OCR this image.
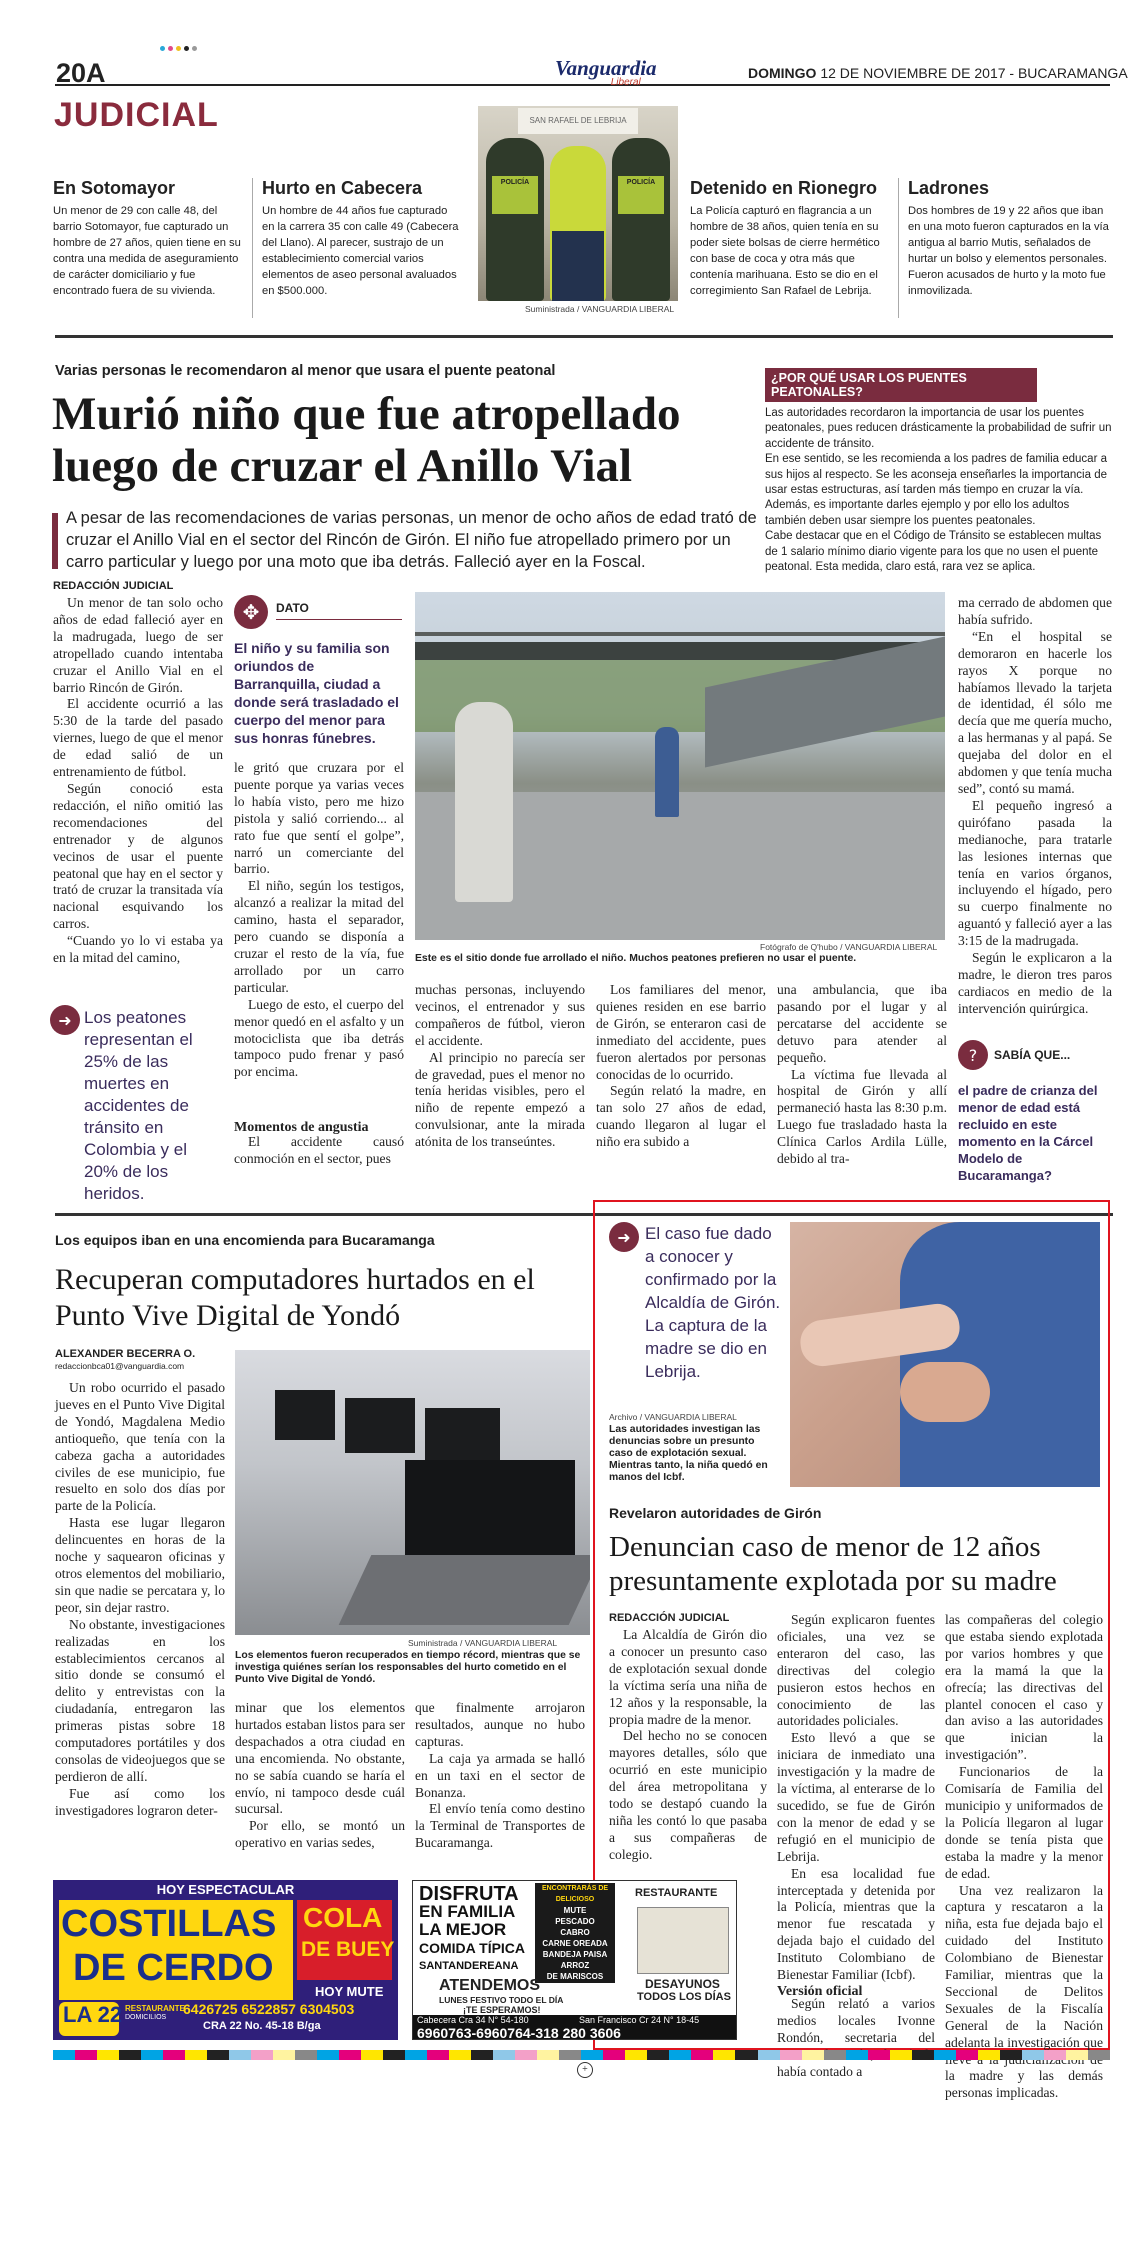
20A	Vanguardia
Liberal
DOMINGO 12 DE NOVIEMBRE DE 2017 - BUCARAMANGA
JUDICIAL
En Sotomayor
Un menor de 29 con calle 48, del barrio Sotomayor, fue capturado un hombre de 27 años, quien tiene en su contra una medida de aseguramiento de carácter domiciliario y fue encontrado fuera de su vivienda.
Hurto en Cabecera
Un hombre de 44 años fue capturado en la carrera 35 con calle 49 (Cabecera del Llano). Al parecer, sustrajo de un establecimiento comercial varios elementos de aseo personal avaluados en $500.000.
SAN RAFAEL DE LEBRIJA
POLICÍA	POLICÍA
Suministrada / VANGUARDIA LIBERAL
Detenido en Rionegro
La Policía capturó en flagrancia a un hombre de 38 años, quien tenía en su poder siete bolsas de cierre hermético con base de coca y otra más que contenía marihuana. Esto se dio en el corregimiento San Rafael de Lebrija.
Ladrones
Dos hombres de 19 y 22 años que iban en una moto fueron capturados en la vía antigua al barrio Mutis, señalados de hurtar un bolso y elementos personales. Fueron acusados de hurto y la moto fue inmovilizada.
Varias personas le recomendaron al menor que usara el puente peatonal
Murió niño que fue atropellado luego de cruzar el Anillo Vial
A pesar de las recomendaciones de varias personas, un menor de ocho años de edad trató de cruzar el Anillo Vial en el sector del Rincón de Girón. El niño fue atropellado primero por un carro particular y luego por una moto que iba detrás. Falleció ayer en la Foscal.
¿POR QUÉ USAR LOS PUENTES PEATONALES?

Las autoridades recordaron la importancia de usar los puentes peatonales, pues reducen drásticamente la probabilidad de sufrir un accidente de tránsito.

En ese sentido, se les recomienda a los padres de familia educar a sus hijos al respecto. Se les aconseja enseñarles la importancia de usar estas estructuras, así tarden más tiempo en cruzar la vía. Además, es importante darles ejemplo y por ello los adultos también deben usar siempre los puentes peatonales.

Cabe destacar que en el Código de Tránsito se establecen multas de 1 salario mínimo diario vigente para los que no usen el puente peatonal. Esta medida, claro está, rara vez se aplica.

REDACCIÓN JUDICIAL

Un menor de tan solo ocho años de edad falleció ayer en la madrugada, luego de ser atropellado cuando intentaba cruzar el Anillo Vial en el barrio Rincón de Girón.

El accidente ocurrió a las 5:30 de la tarde del pasado viernes, luego de que el menor de edad salió de un entrenamiento de fútbol.

Según conoció esta redacción, el niño omitió las recomendaciones del entrenador y de algunos vecinos de usar el puente peatonal que hay en el sector y trató de cruzar la transitada vía nacional esquivando los carros.

“Cuando yo lo vi estaba ya en la mitad del camino,

➜ Los peatones representan el 25% de las muertes en accidentes de tránsito en Colombia y el 20% de los heridos.
✥	DATO
El niño y su familia son oriundos de Barranquilla, ciudad a donde será trasladado el cuerpo del menor para sus honras fúnebres.

le gritó que cruzara por el puente porque ya varias veces lo había visto, pero me hizo pistola y salió corriendo... al rato fue que sentí el golpe”, narró un comerciante del barrio.

El niño, según los testigos, alcanzó a realizar la mitad del camino, hasta el separador, pero cuando se disponía a cruzar el resto de la vía, fue arrollado por un carro particular.

Luego de esto, el cuerpo del menor quedó en el asfalto y un motociclista que iba detrás tampoco pudo frenar y pasó por encima.

Momentos de angustia

El accidente causó conmoción en el sector, pues

Fotógrafo de Q'hubo / VANGUARDIA LIBERAL
Este es el sitio donde fue arrollado el niño. Muchos peatones prefieren no usar el puente.

muchas personas, incluyendo vecinos, el entrenador y sus compañeros de fútbol, vieron el accidente.

Al principio no parecía ser de gravedad, pues el menor no tenía heridas visibles, pero el niño de repente empezó a convulsionar, ante la mirada atónita de los transeúntes.

Los familiares del menor, quienes residen en ese barrio de Girón, se enteraron casi de inmediato del accidente, pues fueron alertados por personas conocidas de lo ocurrido.

Según relató la madre, en tan solo 27 años de edad, cuando llegaron al lugar el niño era subido a

una ambulancia, que iba pasando por el lugar y al percatarse del accidente se detuvo para atender al pequeño.

La víctima fue llevada al hospital de Girón y allí permaneció hasta las 8:30 p.m. Luego fue trasladado hasta la Clínica Carlos Ardila Lülle, debido al tra-

ma cerrado de abdomen que había sufrido.

“En el hospital se demoraron en hacerle los rayos X porque no habíamos llevado la tarjeta de identidad, él sólo me decía que me quería mucho, a las hermanas y al papá. Se quejaba del dolor en el abdomen y que tenía mucha sed”, contó su mamá.

El pequeño ingresó a quirófano pasada la medianoche, para tratarle las lesiones internas que tenía en varios órganos, incluyendo el hígado, pero su cuerpo finalmente no aguantó y falleció ayer a las 3:15 de la madrugada.

Según le explicaron a la madre, le dieron tres paros cardiacos en medio de la intervención quirúrgica.

?	SABÍA QUE...
el padre de crianza del menor de edad está recluido en este momento en la Cárcel Modelo de Bucaramanga?
Los equipos iban en una encomienda para Bucaramanga
Recuperan computadores hurtados en el Punto Vive Digital de Yondó
ALEXANDER BECERRA O.
redaccionbca01@vanguardia.com

Un robo ocurrido el pasado jueves en el Punto Vive Digital de Yondó, Magdalena Medio antioqueño, que tenía con la cabeza gacha a autoridades civiles de ese municipio, fue resuelto en solo dos días por parte de la Policía.

Hasta ese lugar llegaron delincuentes en horas de la noche y saquearon oficinas y otros elementos del mobiliario, sin que nadie se percatara y, lo peor, sin dejar rastro.

No obstante, investigaciones realizadas en los establecimientos cercanos al sitio donde se consumó el delito y entrevistas con la ciudadanía, entregaron las primeras pistas sobre 18 computadores portátiles y dos consolas de videojuegos que se perdieron de allí.

Fue así como los investigadores lograron deter-

Suministrada / VANGUARDIA LIBERAL
Los elementos fueron recuperados en tiempo récord, mientras que se investiga quiénes serían los responsables del hurto cometido en el Punto Vive Digital de Yondó.

minar que los elementos hurtados estaban listos para ser despachados a otra ciudad en una encomienda. No obstante, no se sabía cuando se haría el envío, ni tampoco desde cuál sucursal.

Por ello, se montó un operativo en varias sedes,

que finalmente arrojaron resultados, aunque no hubo capturas.

La caja ya armada se halló en un taxi en el sector de Bonanza.

El envío tenía como destino la Terminal de Transportes de Bucaramanga.

➜ El caso fue dado a conocer y confirmado por la Alcaldía de Girón. La captura de la madre se dio en Lebrija.
Archivo / VANGUARDIA LIBERAL
Las autoridades investigan las denuncias sobre un presunto caso de explotación sexual. Mientras tanto, la niña quedó en manos del Icbf.
Revelaron autoridades de Girón
Denuncian caso de menor de 12 años presuntamente explotada por su madre
REDACCIÓN JUDICIAL

La Alcaldía de Girón dio a conocer un presunto caso de explotación sexual donde la víctima sería una niña de 12 años y la responsable, la propia madre de la menor.

Del hecho no se conocen mayores detalles, sólo que ocurrió en este municipio del área metropolitana y todo se destapó cuando la niña les contó lo que pasaba a sus compañeras de colegio.

Según explicaron fuentes oficiales, una vez se enteraron del caso, las directivas del colegio pusieron estos hechos en conocimiento de las autoridades policiales.

Esto llevó a que se iniciara de inmediato una investigación y la madre de la víctima, al enterarse de lo sucedido, se fue de Girón con la menor de edad y se refugió en el municipio de Lebrija.

En esa localidad fue interceptada y detenida por la Policía, mientras que la menor fue rescatada y dejada bajo el cuidado del Instituto Colombiano de Bienestar Familiar (Icbf).

Versión oficial

Según relató a varios medios locales Ivonne Rondón, secretaria del había contado a

las compañeras del colegio que estaba siendo explotada por varios hombres y que era la mamá la que la ofrecía; las directivas del plantel conocen el caso y dan aviso a las autoridades que inician la investigación”.

Funcionarios de la Comisaría de Familia del municipio y uniformados de la Policía llegaron al lugar donde se tenía pista que estaba la madre y la menor de edad.

Una vez realizaron la captura y rescataron a la niña, esta fue dejada bajo el cuidado del Instituto Colombiano de Bienestar Familiar, mientras que la Seccional de Delitos Sexuales de la Fiscalía General de la Nación adelanta la investigación que la madre y las demás personas implicadas.

HOY ESPECTACULAR
COSTILLAS
DE CERDO
COLA
DE BUEY
HOY MUTE
LA 22 RESTAURANTE
DOMICILIOS
6426725 6522857 6304503
CRA 22 No. 45-18 B/ga
DISFRUTA
EN FAMILIA
LA MEJOR
COMIDA TÍPICA
SANTANDEREANA
ENCONTRARÁS DE DELICIOSO
MUTE
PESCADO
CABRO
CARNE OREADA
BANDEJA PAISA
ARROZ
DE MARISCOS
RESTAURANTE
ATENDEMOS
LUNES FESTIVO TODO EL DÍA
¡TE ESPERAMOS!
DESAYUNOS
TODOS LOS DÍAS
Cabecera Cra 34 N° 54-180	San Francisco Cr 24 N° 18-45
6960763-6960764-318 280 3606
+
